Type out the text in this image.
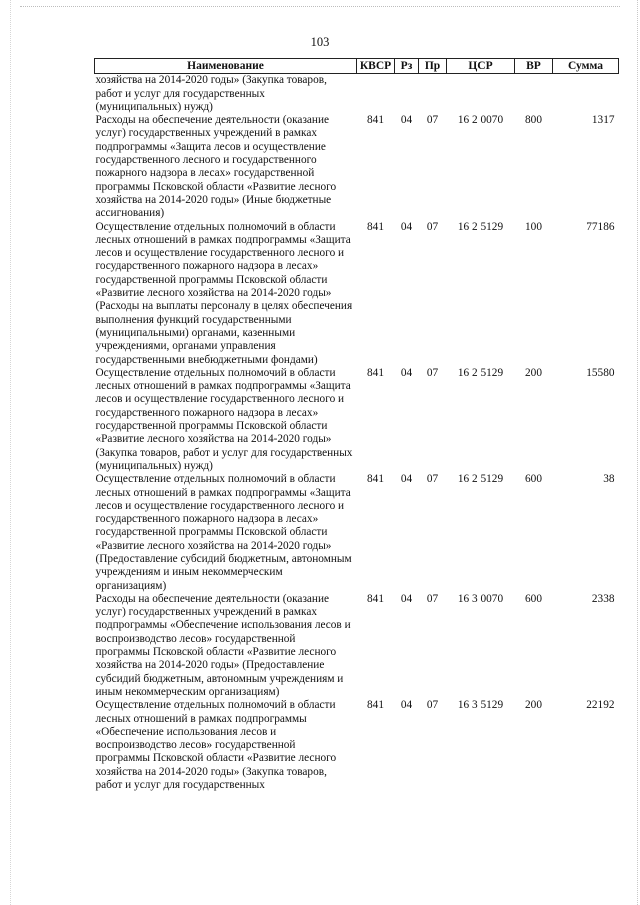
103
Наименование	КВСР	Рз	Пр	ЦСР	ВР	Сумма
хозяйства на 2014-2020 годы» (Закупка товаров, работ и услуг для государственных (муниципальных) нужд)						
Расходы на обеспечение деятельности (оказание услуг) государственных учреждений в рамках подпрограммы «Защита лесов и осуществление государственного лесного и государственного пожарного надзора в лесах» государственной программы Псковской области «Развитие лесного хозяйства на 2014-2020 годы» (Иные бюджетные ассигнования)	841	04	07	16 2 0070	800	1317
Осуществление отдельных полномочий в области лесных отношений в рамках подпрограммы «Защита лесов и осуществление государственного лесного и государственного пожарного надзора в лесах» государственной программы Псковской области «Развитие лесного хозяйства на 2014-2020 годы» (Расходы на выплаты персоналу в целях обеспечения выполнения функций государственными (муниципальными) органами, казенными учреждениями, органами управления государственными внебюджетными фондами)	841	04	07	16 2 5129	100	77186
Осуществление отдельных полномочий в области лесных отношений в рамках подпрограммы «Защита лесов и осуществление государственного лесного и государственного пожарного надзора в лесах» государственной программы Псковской области «Развитие лесного хозяйства на 2014-2020 годы» (Закупка товаров, работ и услуг для государственных (муниципальных) нужд)	841	04	07	16 2 5129	200	15580
Осуществление отдельных полномочий в области лесных отношений в рамках подпрограммы «Защита лесов и осуществление государственного лесного и государственного пожарного надзора в лесах» государственной программы Псковской области «Развитие лесного хозяйства на 2014-2020 годы» (Предоставление субсидий бюджетным, автономным учреждениям и иным некоммерческим организациям)	841	04	07	16 2 5129	600	38
Расходы на обеспечение деятельности (оказание услуг) государственных учреждений в рамках подпрограммы «Обеспечение использования лесов и воспроизводство лесов» государственной программы Псковской области «Развитие лесного хозяйства на 2014-2020 годы» (Предоставление субсидий бюджетным, автономным учреждениям и иным некоммерческим организациям)	841	04	07	16 3 0070	600	2338
Осуществление отдельных полномочий в области лесных отношений в рамках подпрограммы «Обеспечение использования лесов и воспроизводство лесов» государственной программы Псковской области «Развитие лесного хозяйства на 2014-2020 годы» (Закупка товаров, работ и услуг для государственных	841	04	07	16 3 5129	200	22192
